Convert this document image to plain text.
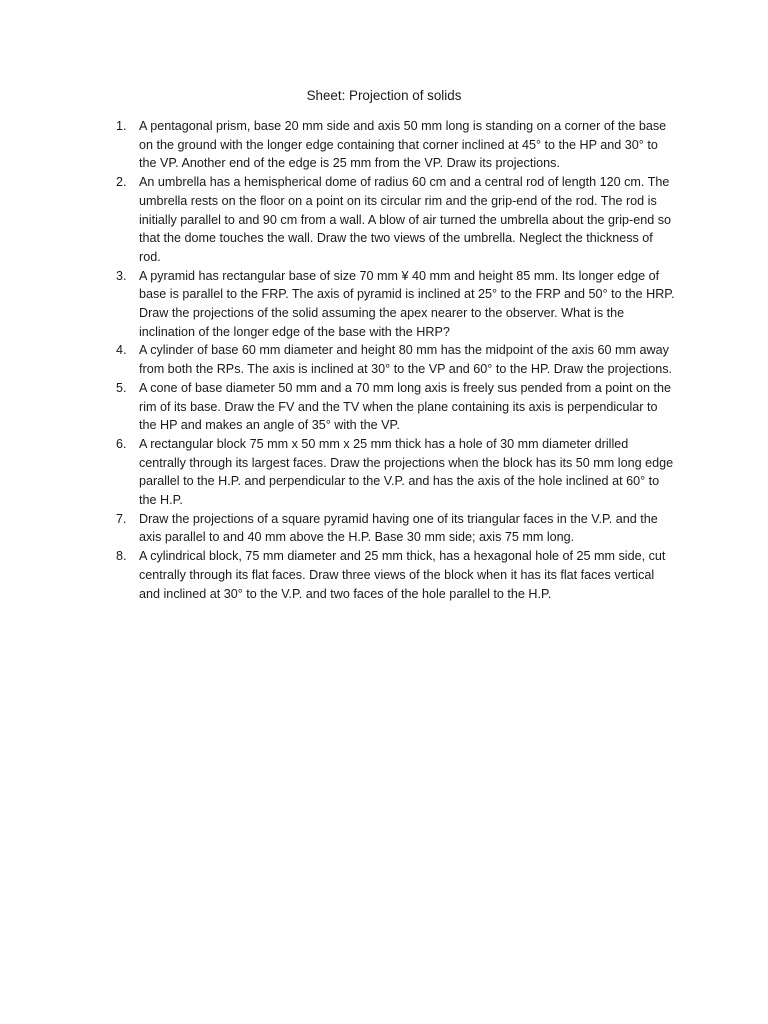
Sheet: Projection of solids
1. A pentagonal prism, base 20 mm side and axis 50 mm long is standing on a corner of the base on the ground with the longer edge containing that corner inclined at 45° to the HP and 30° to the VP. Another end of the edge is 25 mm from the VP. Draw its projections.
2. An umbrella has a hemispherical dome of radius 60 cm and a central rod of length 120 cm. The umbrella rests on the floor on a point on its circular rim and the grip-end of the rod. The rod is initially parallel to and 90 cm from a wall. A blow of air turned the umbrella about the grip-end so that the dome touches the wall. Draw the two views of the umbrella. Neglect the thickness of rod.
3. A pyramid has rectangular base of size 70 mm ¥ 40 mm and height 85 mm. Its longer edge of base is parallel to the FRP. The axis of pyramid is inclined at 25° to the FRP and 50° to the HRP. Draw the projections of the solid assuming the apex nearer to the observer. What is the inclination of the longer edge of the base with the HRP?
4. A cylinder of base 60 mm diameter and height 80 mm has the midpoint of the axis 60 mm away from both the RPs. The axis is inclined at 30° to the VP and 60° to the HP. Draw the projections.
5. A cone of base diameter 50 mm and a 70 mm long axis is freely sus pended from a point on the rim of its base. Draw the FV and the TV when the plane containing its axis is perpendicular to the HP and makes an angle of 35° with the VP.
6. A rectangular block 75 mm x 50 mm x 25 mm thick has a hole of 30 mm diameter drilled centrally through its largest faces. Draw the projections when the block has its 50 mm long edge parallel to the H.P. and perpendicular to the V.P. and has the axis of the hole inclined at 60° to the H.P.
7. Draw the projections of a square pyramid having one of its triangular faces in the V.P. and the axis parallel to and 40 mm above the H.P. Base 30 mm side; axis 75 mm long.
8. A cylindrical block, 75 mm diameter and 25 mm thick, has a hexagonal hole of 25 mm side, cut centrally through its flat faces. Draw three views of the block when it has its flat faces vertical and inclined at 30° to the V.P. and two faces of the hole parallel to the H.P.
